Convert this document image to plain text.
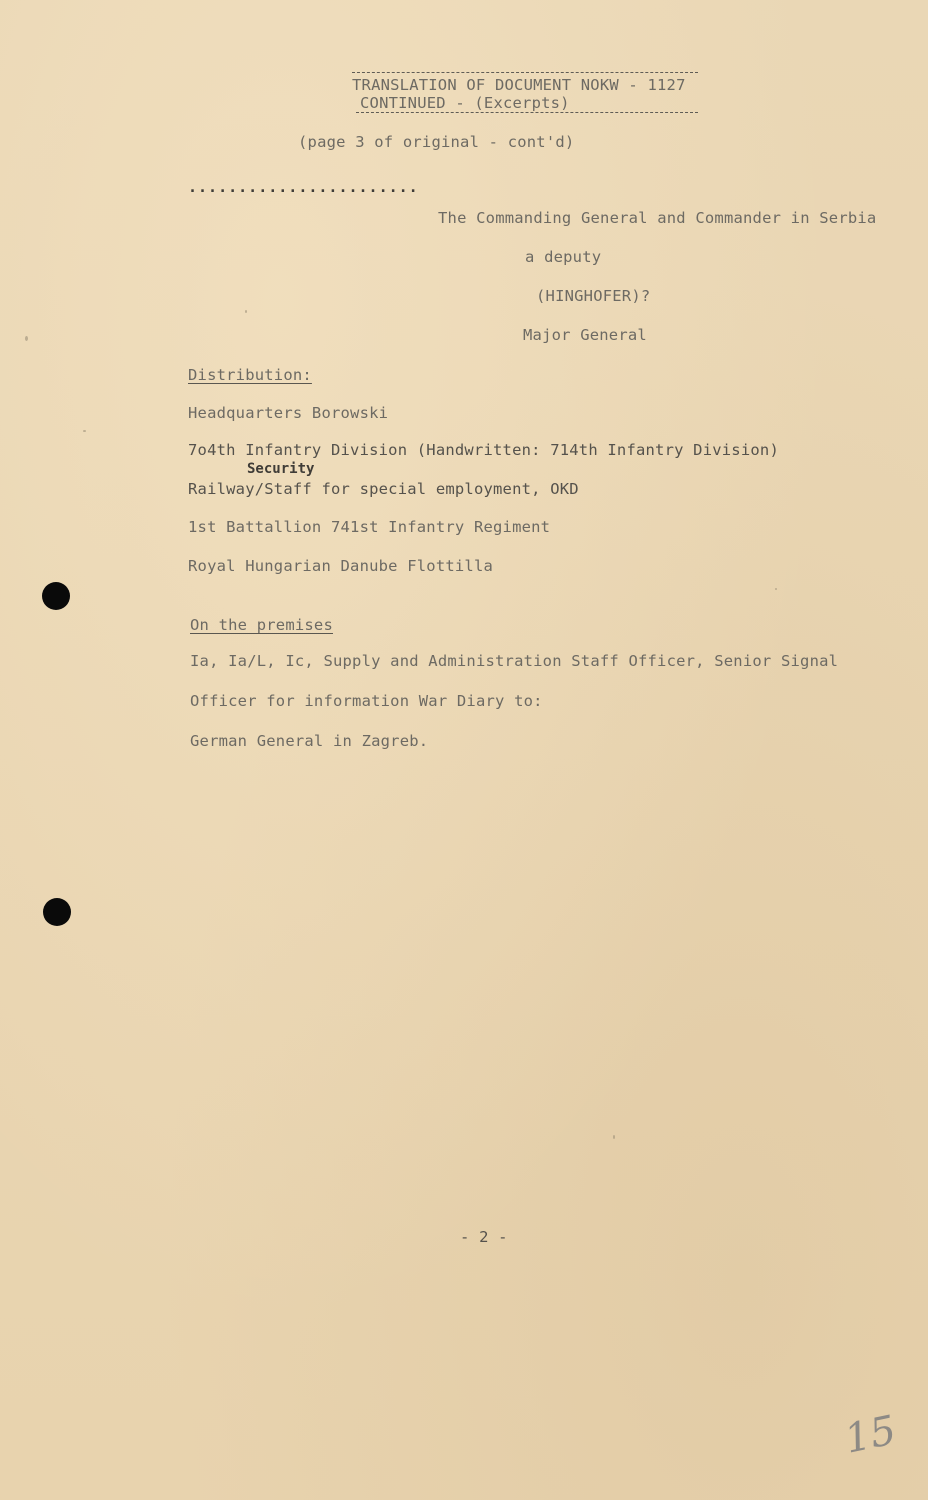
TRANSLATION OF DOCUMENT NOKW - 1127
CONTINUED - (Excerpts)
(page 3 of original - cont'd)
.......................
The Commanding General and Commander in Serbia
a deputy
(HINGHOFER)?
Major General
Distribution:
Headquarters Borowski
7o4th Infantry Division (Handwritten: 714th Infantry Division)
Security
Railway/Staff for special employment, OKD
1st Battallion 741st Infantry Regiment
Royal Hungarian Danube Flottilla
On the premises
Ia, Ia/L, Ic, Supply and Administration Staff Officer, Senior Signal
Officer for information War Diary to:
German General in Zagreb.
- 2 -
15
